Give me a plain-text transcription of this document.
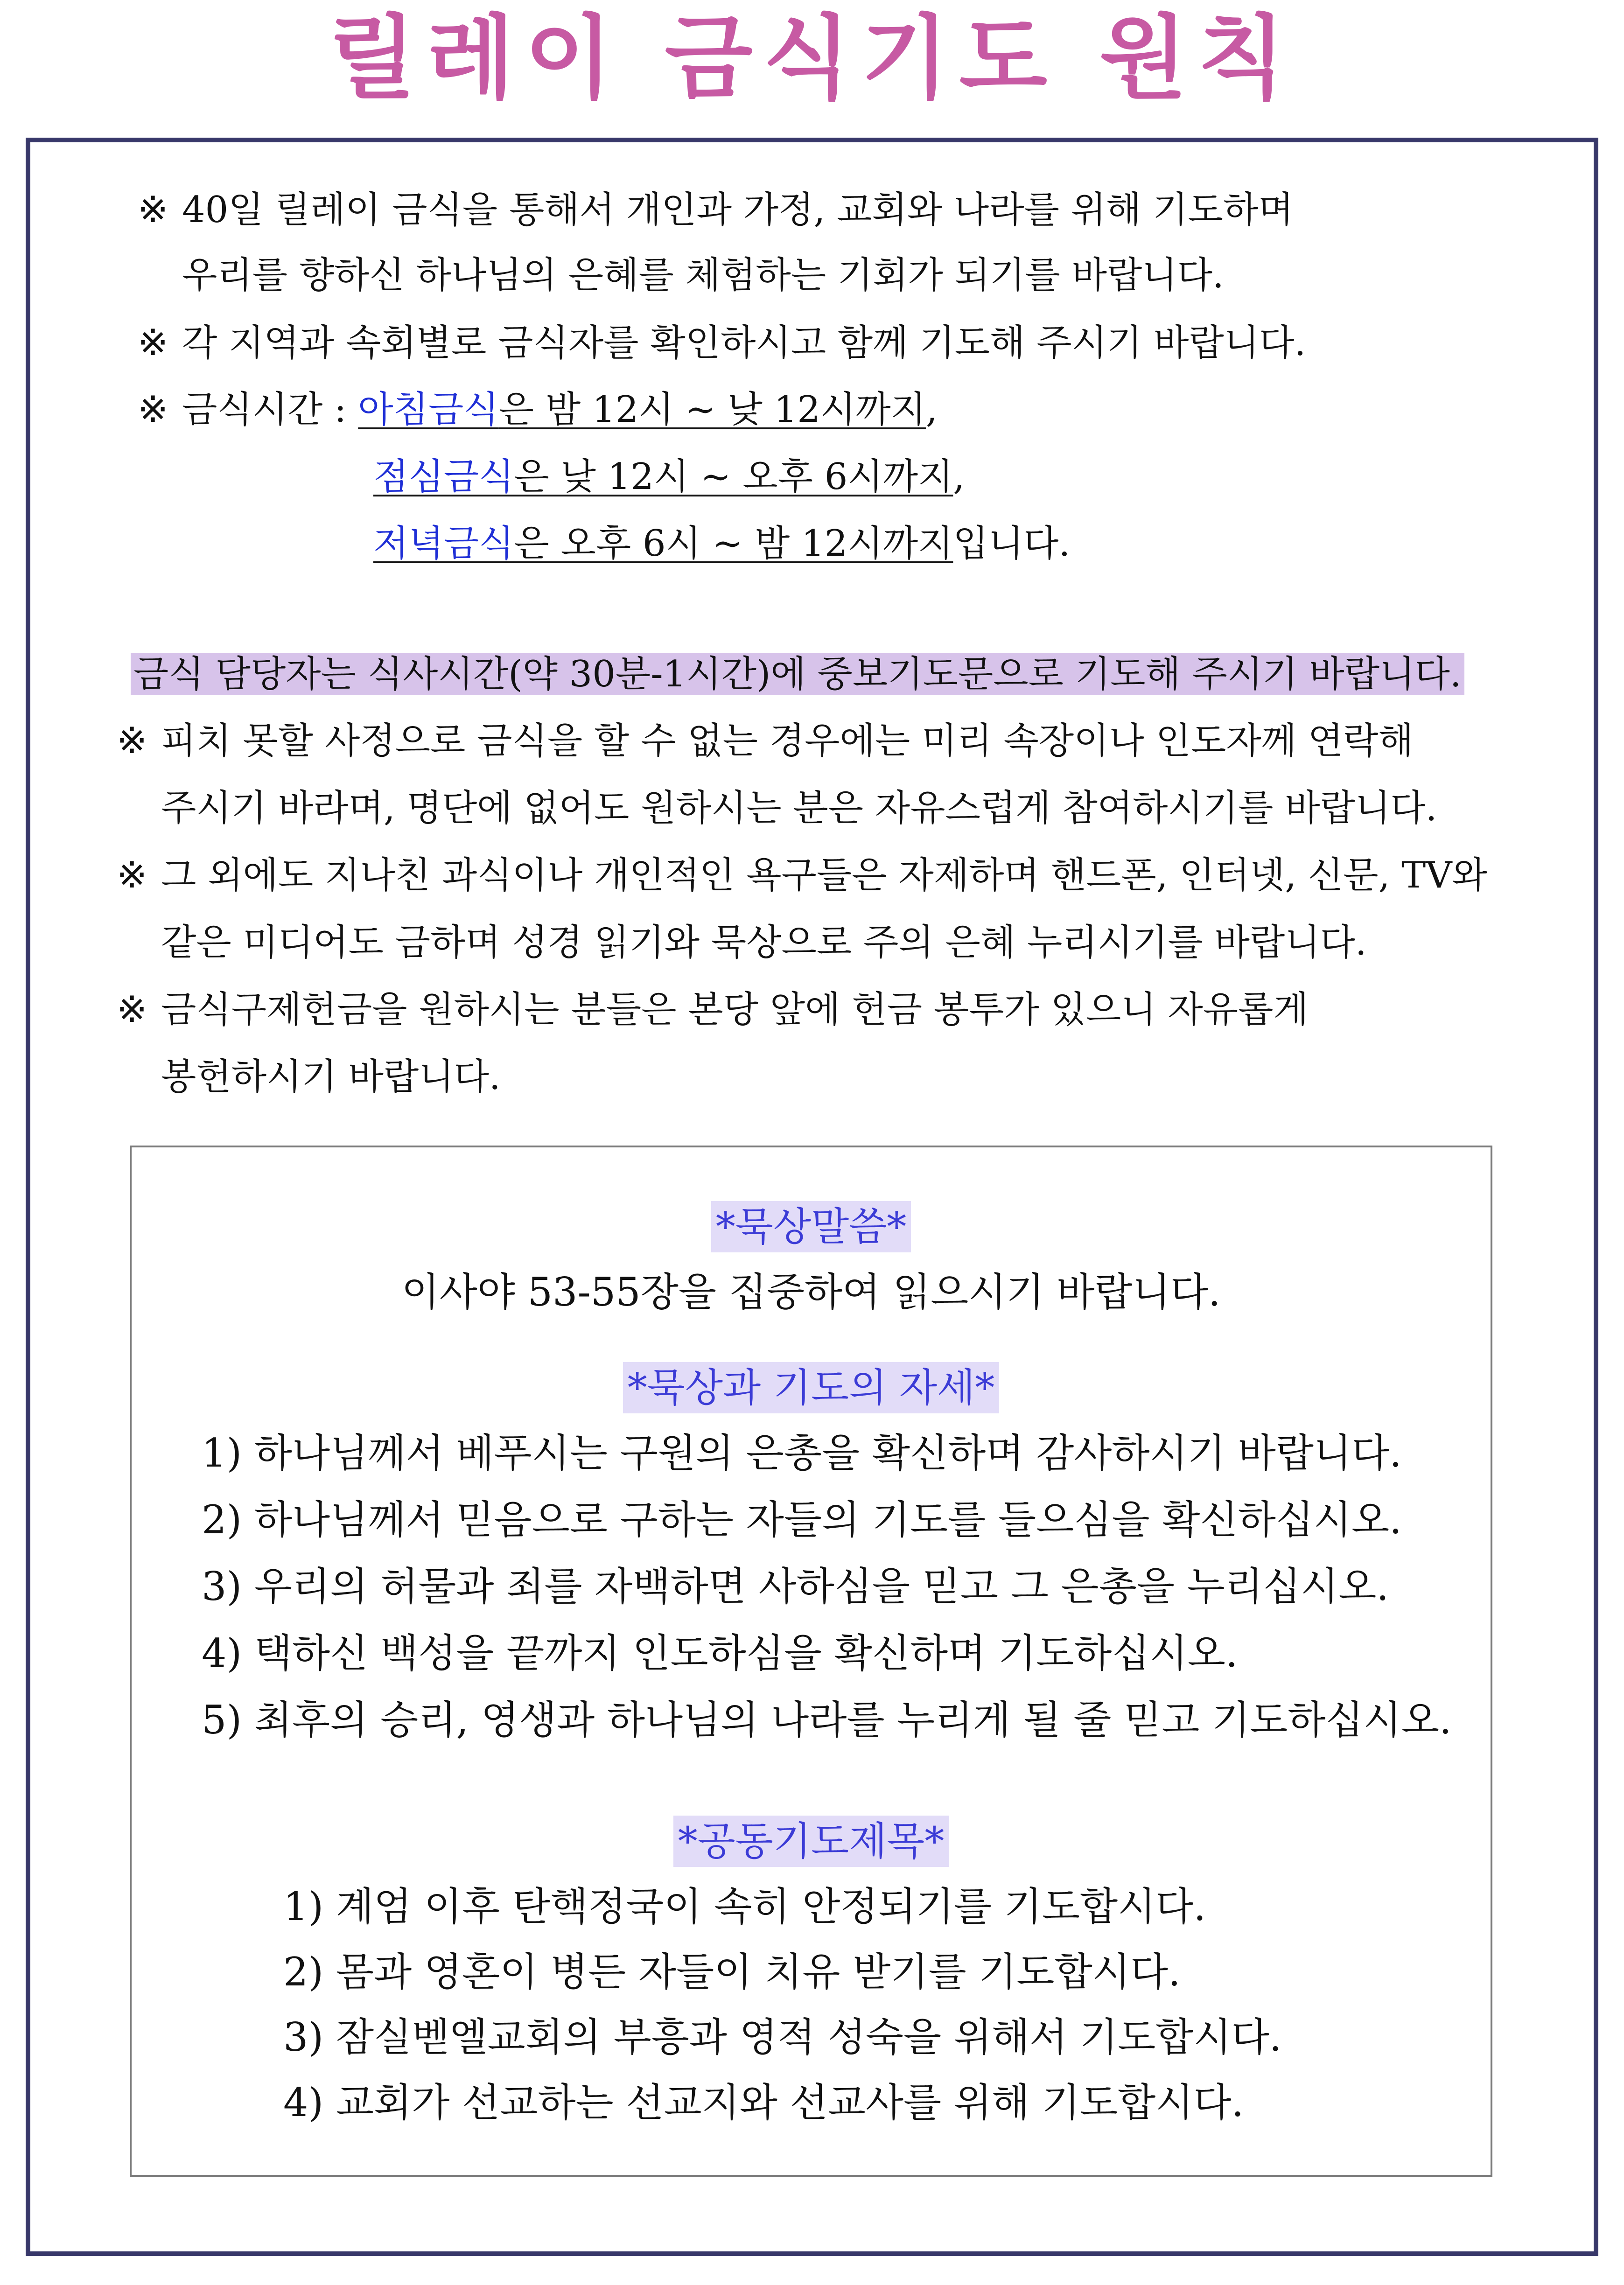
릴레이 금식기도 원칙
※ 40일 릴레이 금식을 통해서 개인과 가정, 교회와 나라를 위해 기도하며
우리를 향하신 하나님의 은혜를 체험하는 기회가 되기를 바랍니다.
※ 각 지역과 속회별로 금식자를 확인하시고 함께 기도해 주시기 바랍니다.
※ 금식시간 : 아침금식은 밤 12시 ~ 낮 12시까지,
점심금식은 낮 12시 ~ 오후 6시까지,
저녁금식은 오후 6시 ~ 밤 12시까지입니다.
금식 담당자는 식사시간(약 30분-1시간)에 중보기도문으로 기도해 주시기 바랍니다.
※ 피치 못할 사정으로 금식을 할 수 없는 경우에는 미리 속장이나 인도자께 연락해
주시기 바라며, 명단에 없어도 원하시는 분은 자유스럽게 참여하시기를 바랍니다.
※ 그 외에도 지나친 과식이나 개인적인 욕구들은 자제하며 핸드폰, 인터넷, 신문, TV와
같은 미디어도 금하며 성경 읽기와 묵상으로 주의 은혜 누리시기를 바랍니다.
※ 금식구제헌금을 원하시는 분들은 본당 앞에 헌금 봉투가 있으니 자유롭게
봉헌하시기 바랍니다.
*묵상말씀*
이사야 53-55장을 집중하여 읽으시기 바랍니다.
*묵상과 기도의 자세*
1) 하나님께서 베푸시는 구원의 은총을 확신하며 감사하시기 바랍니다.
2) 하나님께서 믿음으로 구하는 자들의 기도를 들으심을 확신하십시오.
3) 우리의 허물과 죄를 자백하면 사하심을 믿고 그 은총을 누리십시오.
4) 택하신 백성을 끝까지 인도하심을 확신하며 기도하십시오.
5) 최후의 승리, 영생과 하나님의 나라를 누리게 될 줄 믿고 기도하십시오.
*공동기도제목*
1) 계엄 이후 탄핵정국이 속히 안정되기를 기도합시다.
2) 몸과 영혼이 병든 자들이 치유 받기를 기도합시다.
3) 잠실벧엘교회의 부흥과 영적 성숙을 위해서 기도합시다.
4) 교회가 선교하는 선교지와 선교사를 위해 기도합시다.
